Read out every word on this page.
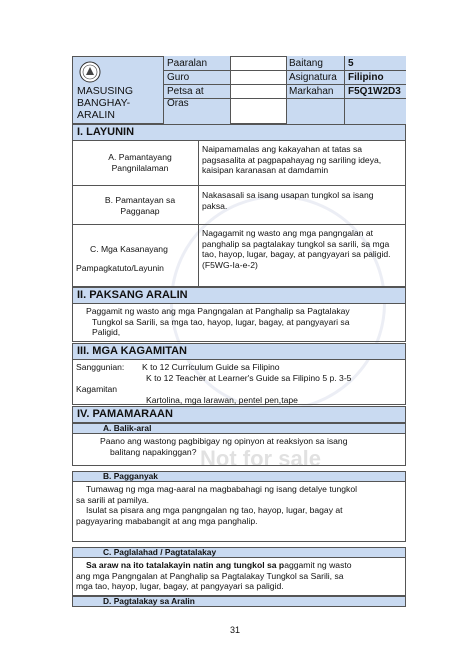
Not for sale
MASUSING
BANGHAY-
ARALIN
Paaralan
Guro
Petsa at
Oras
Baitang
Asignatura
Markahan
5
Filipino
F5Q1W2D3
I. LAYUNIN
A. Pamantayang
Pangnilalaman
Naipamamalas ang kakayahan at tatas sa
pagsasalita at pagpapahayag ng sariling ideya,
kaisipan karanasan at damdamin
B. Pamantayan sa
Pagganap
Nakasasali sa isang usapan tungkol sa isang
paksa.
C. Mga Kasanayang
Pampagkatuto/Layunin
Nagagamit ng wasto ang mga pangngalan at
panghalip sa pagtalakay tungkol sa sarili, sa mga
tao, hayop, lugar, bagay, at pangyayari sa paligid.
(F5WG-Ia-e-2)
II. PAKSANG ARALIN
Paggamit ng wasto ang mga Pangngalan at Panghalip sa Pagtalakay
Tungkol sa Sarili, sa mga tao, hayop, lugar, bagay, at pangyayari sa
Paligid,
III. MGA KAGAMITAN
Sanggunian: K to 12 Curriculum Guide sa Filipino
K to 12 Teacher at Learner's Guide sa Filipino 5 p. 3-5
Kagamitan
Kartolina, mga larawan, pentel pen,tape
IV. PAMAMARAAN
A. Balik-aral
Paano ang wastong pagbibigay ng opinyon at reaksiyon sa isang
balitang napakinggan?
B. Pagganyak
Tumawag ng mga mag-aaral na magbabahagi ng isang detalye tungkol
sa sarili at pamilya.
Isulat sa pisara ang mga pangngalan ng tao, hayop, lugar, bagay at
pagyayaring mababangit at ang mga panghalip.
C. Paglalahad / Pagtatalakay
Sa araw na ito tatalakayin natin ang tungkol sa paggamit ng wasto
ang mga Pangngalan at Panghalip sa Pagtalakay Tungkol sa Sarili, sa
mga tao, hayop, lugar, bagay, at pangyayari sa paligid.
D. Pagtalakay sa Aralin
31
